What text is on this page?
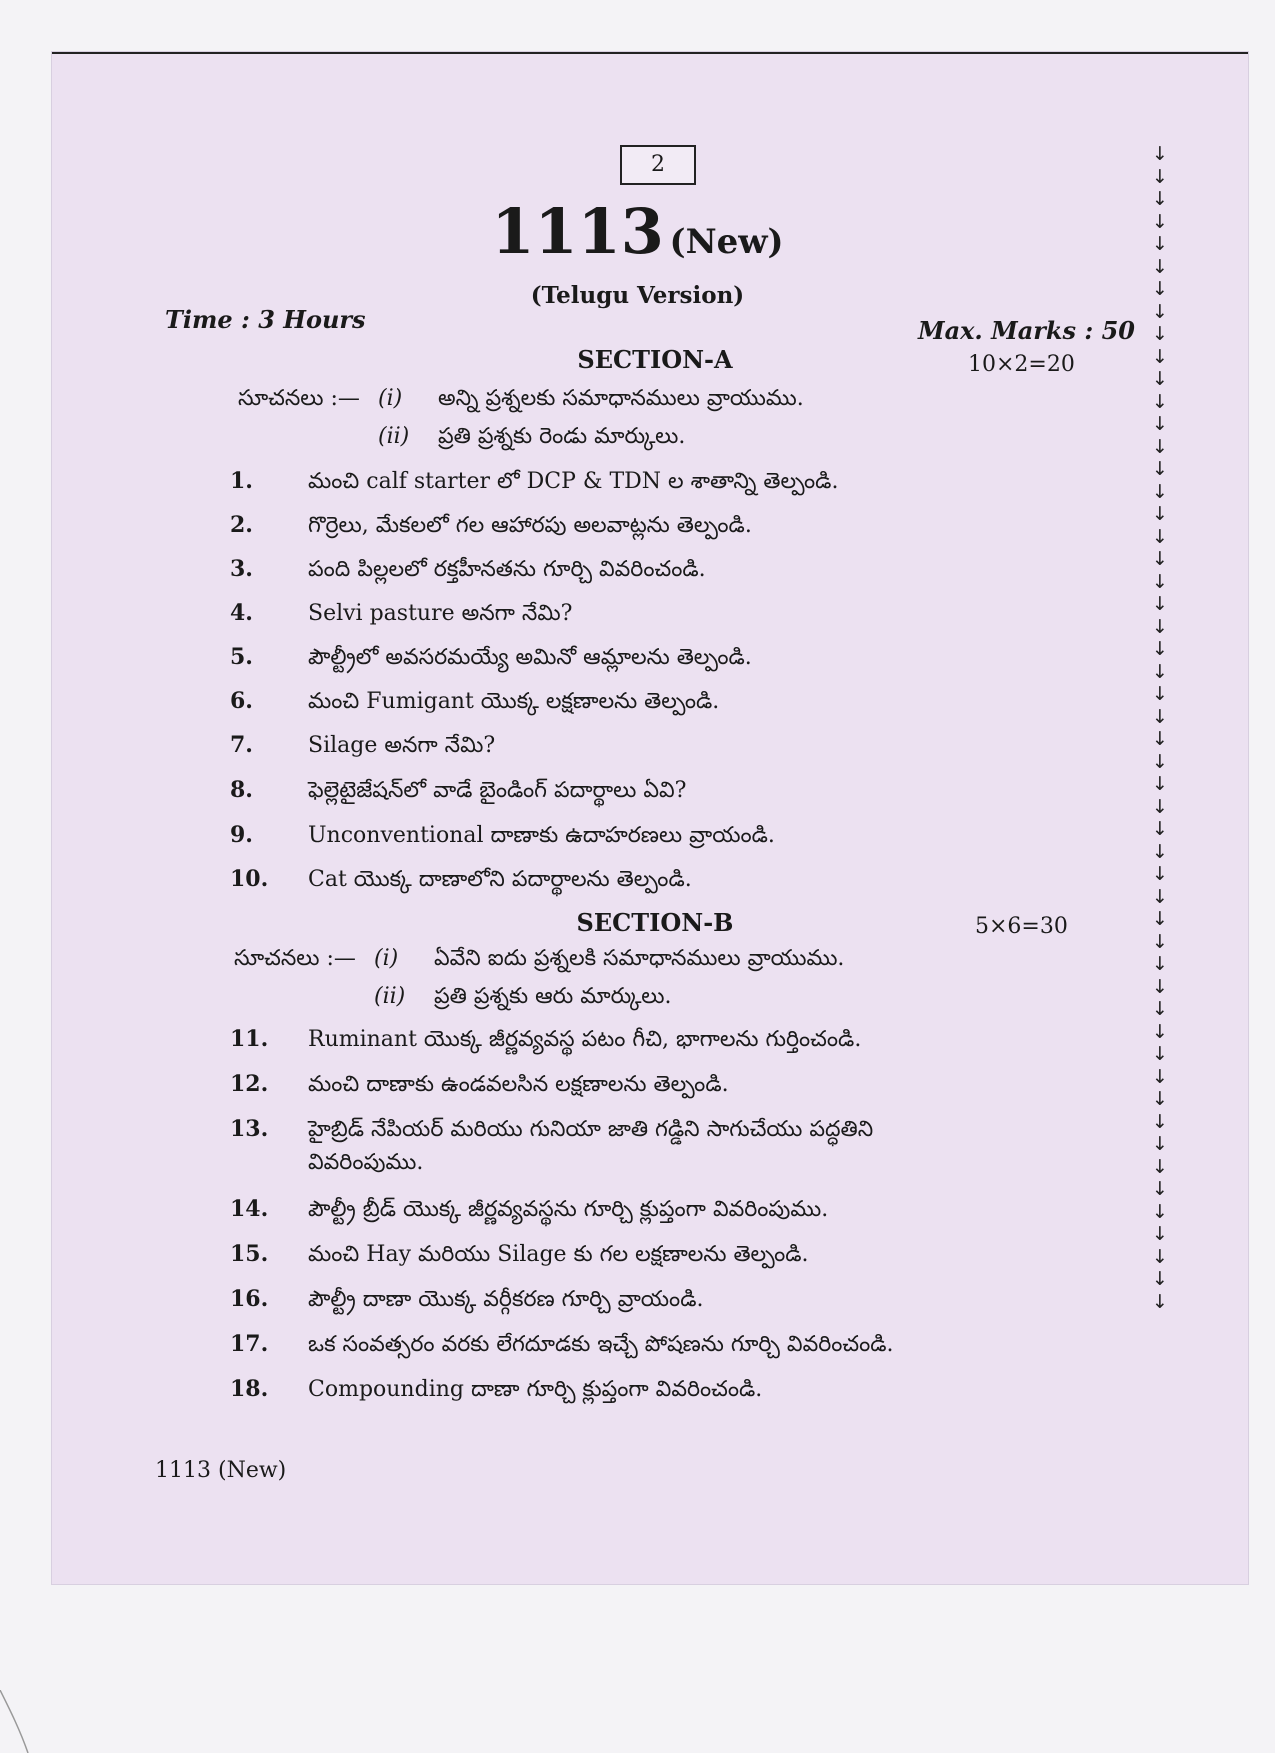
2
1113 (New)
(Telugu Version)
Time : 3 Hours	Max. Marks : 50
SECTION-A	10×2=20
సూచనలు :— (i) అన్ని ప్రశ్నలకు సమాధానములు వ్రాయుము.
(ii) ప్రతి ప్రశ్నకు రెండు మార్కులు.
1.	మంచి calf starter లో DCP & TDN ల శాతాన్ని తెల్పండి.
2.	గొర్రెలు, మేకలలో గల ఆహారపు అలవాట్లను తెల్పండి.
3.	పంది పిల్లలలో రక్తహీనతను గూర్చి వివరించండి.
4.	Selvi pasture అనగా నేమి?
5.	పౌల్ట్రీలో అవసరమయ్యే అమినో ఆమ్లాలను తెల్పండి.
6.	మంచి Fumigant యొక్క లక్షణాలను తెల్పండి.
7.	Silage అనగా నేమి?
8.	ఫెల్లెటైజేషన్‌లో వాడే బైండింగ్ పదార్థాలు ఏవి?
9.	Unconventional దాణాకు ఉదాహరణలు వ్రాయండి.
10. Cat యొక్క దాణాలోని పదార్థాలను తెల్పండి.
SECTION-B	5×6=30
సూచనలు :— (i) ఏవేని ఐదు ప్రశ్నలకి సమాధానములు వ్రాయుము.
(ii) ప్రతి ప్రశ్నకు ఆరు మార్కులు.
11. Ruminant యొక్క జీర్ణవ్యవస్థ పటం గీచి, భాగాలను గుర్తించండి.
12. మంచి దాణాకు ఉండవలసిన లక్షణాలను తెల్పండి.
13. హైబ్రిడ్ నేపియర్ మరియు గునియా జాతి గడ్డిని సాగుచేయు పద్ధతిని
వివరింపుము.
14. పౌల్ట్రీ బ్రీడ్ యొక్క జీర్ణవ్యవస్థను గూర్చి క్లుప్తంగా వివరింపుము.
15. మంచి Hay మరియు Silage కు గల లక్షణాలను తెల్పండి.
16. పౌల్ట్రీ దాణా యొక్క వర్గీకరణ గూర్చి వ్రాయండి.
17. ఒక సంవత్సరం వరకు లేగదూడకు ఇచ్చే పోషణను గూర్చి వివరించండి.
18. Compounding దాణా గూర్చి క్లుప్తంగా వివరించండి.
1113 (New)
↓
↓
↓
↓
↓
↓
↓
↓
↓
↓
↓
↓
↓
↓
↓
↓
↓
↓
↓
↓
↓
↓
↓
↓
↓
↓
↓
↓
↓
↓
↓
↓
↓
↓
↓
↓
↓
↓
↓
↓
↓
↓
↓
↓
↓
↓
↓
↓
↓
↓
↓
↓
